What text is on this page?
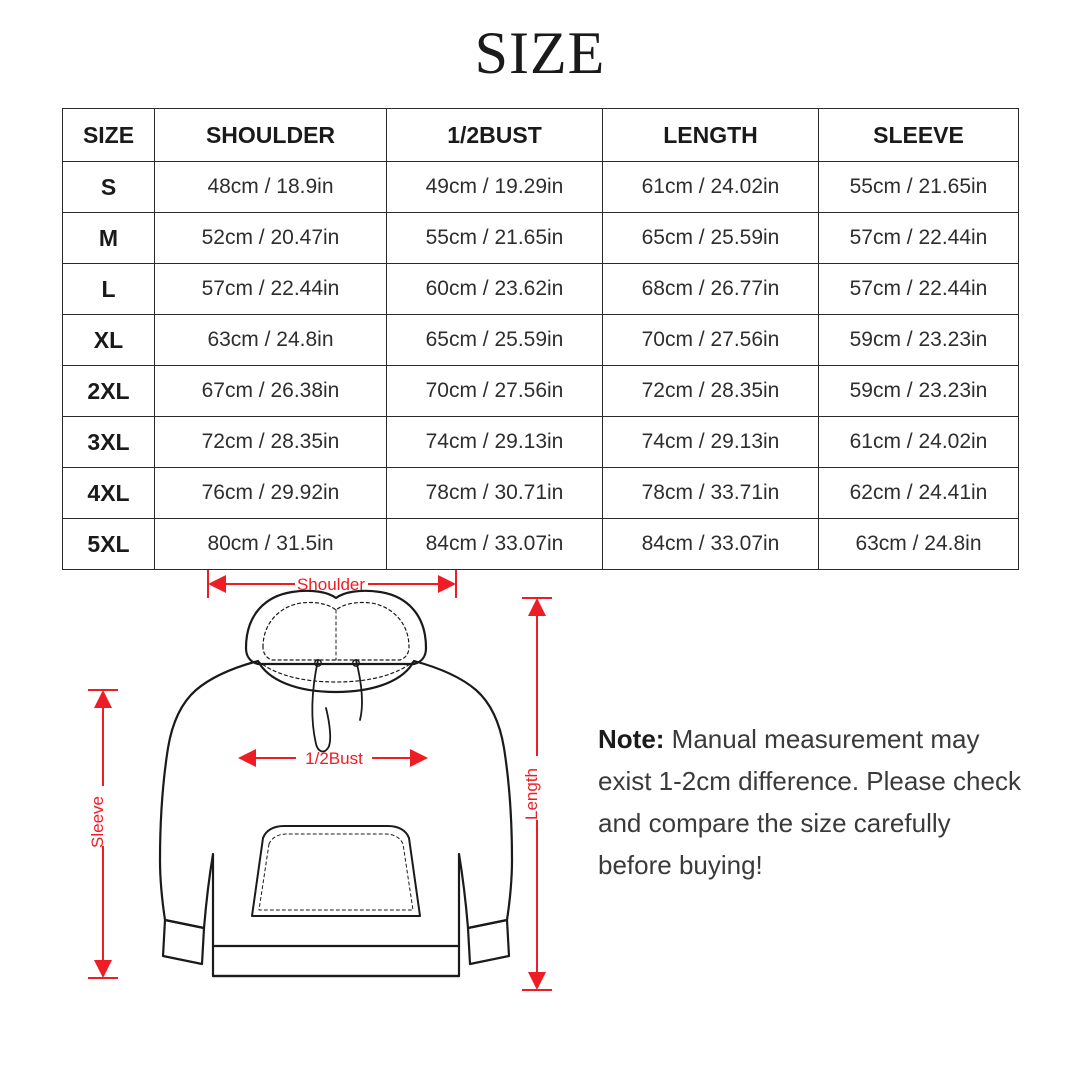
SIZE
SIZE	SHOULDER	1/2BUST	LENGTH	SLEEVE
S	48cm / 18.9in	49cm / 19.29in	61cm / 24.02in	55cm / 21.65in
M	52cm / 20.47in	55cm / 21.65in	65cm / 25.59in	57cm / 22.44in
L	57cm / 22.44in	60cm / 23.62in	68cm / 26.77in	57cm / 22.44in
XL	63cm / 24.8in	65cm / 25.59in	70cm / 27.56in	59cm / 23.23in
2XL	67cm / 26.38in	70cm / 27.56in	72cm / 28.35in	59cm / 23.23in
3XL	72cm / 28.35in	74cm / 29.13in	74cm / 29.13in	61cm / 24.02in
4XL	76cm / 29.92in	78cm / 30.71in	78cm / 33.71in	62cm / 24.41in
5XL	80cm / 31.5in	84cm / 33.07in	84cm / 33.07in	63cm / 24.8in
Shoulder
1/2Bust
Length
Sleeve
Note: Manual measurement may exist 1-2cm difference. Please check and compare the size carefully before buying!
